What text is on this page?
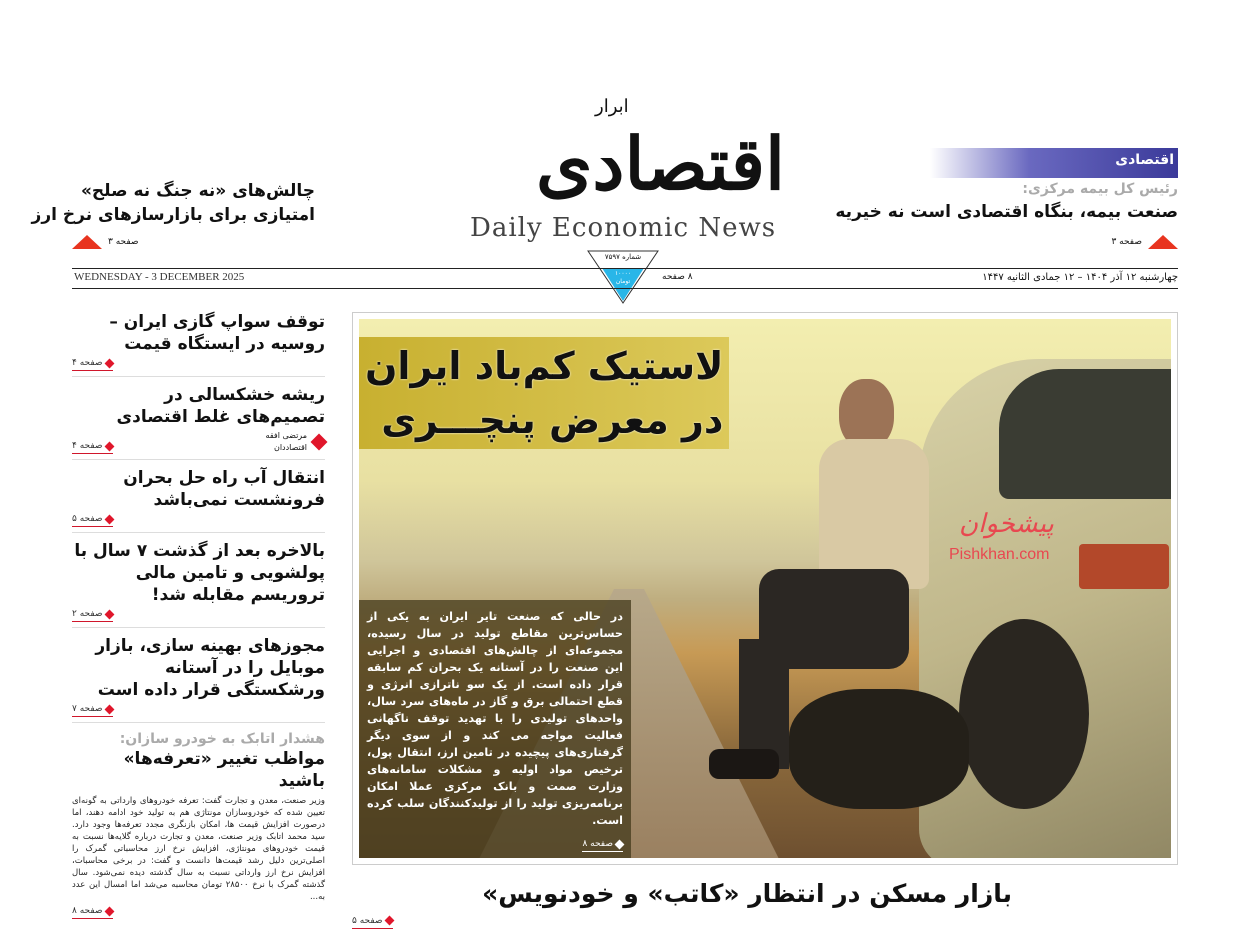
ابرار
اقتصادی
Daily Economic News
شماره ۷۵۹۷
۱۰۰۰۰ تومان	۸ صفحه
WEDNESDAY - 3 DECEMBER 2025	چهارشنبه ۱۲ آذر ۱۴۰۴ – ۱۲ جمادی الثانیه ۱۴۴۷
اقتصادی
رئیس کل بیمه مرکزی:
صنعت بیمه، بنگاه اقتصادی است نه خیریه
صفحه ۳
چالش‌های «نه جنگ نه صلح»
امتیازی برای بازارسازهای نرخ ارز
صفحه ۳
توقف سواپ گازی ایران – روسیه در ایستگاه قیمت
صفحه ۴
ریشه خشکسالی در تصمیم‌های غلط اقتصادی
صفحه ۴
مرتضی افقه
اقتصاددان
انتقال آب راه حل بحران فرونشست نمی‌باشد
صفحه ۵
بالاخره بعد از گذشت ۷ سال با پولشویی و تامین مالی تروریسم مقابله شد!
صفحه ۲
مجوزهای بهینه سازی، بازار موبایل را در آستانه ورشکستگی قرار داده است
صفحه ۷
هشدار اتابک به خودرو سازان:
مواظب تغییر «تعرفه‌ها» باشید
وزیر صنعت، معدن و تجارت گفت: تعرفه خودروهای وارداتی به گونه‌ای تعیین شده که خودروسازان مونتاژی هم به تولید خود ادامه دهند، اما درصورت افزایش قیمت ها، امکان بازنگری مجدد تعرفه‌ها وجود دارد. سید محمد اتابک وزیر صنعت، معدن و تجارت درباره گلایه‌ها نسبت به قیمت خودروهای مونتاژی، افزایش نرخ ارز محاسباتی گمرک را اصلی‌ترین دلیل رشد قیمت‌ها دانست و گفت: در برخی محاسبات، افزایش نرخ ارز وارداتی نسبت به سال گذشته دیده نمی‌شود. سال گذشته گمرک با نرخ ۲۸۵۰۰ تومان محاسبه می‌شد اما امسال این عدد به...
صفحه ۸
لاستیک کم‌باد ایران
در معرض پنچـــری
پیشخوان
Pishkhan.com
در حالی که صنعت تایر ایران به یکی از حساس‌ترین مقاطع تولید در سال رسیده، مجموعه‌ای از چالش‌های اقتصادی و اجرایی این صنعت را در آستانه یک بحران کم سابقه قرار داده است. از یک سو ناترازی انرژی و قطع احتمالی برق و گاز در ماه‌های سرد سال، واحدهای تولیدی را با تهدید توقف ناگهانی فعالیت مواجه می کند و از سوی دیگر گرفتاری‌های پیچیده در تامین ارز، انتقال پول، ترخیص مواد اولیه و مشکلات سامانه‌های وزارت صمت و بانک مرکزی عملا امکان برنامه‌ریزی تولید را از تولیدکنندگان سلب کرده است.
صفحه ۸
بازار مسکن در انتظار «کاتب» و خودنویس»
صفحه ۵
